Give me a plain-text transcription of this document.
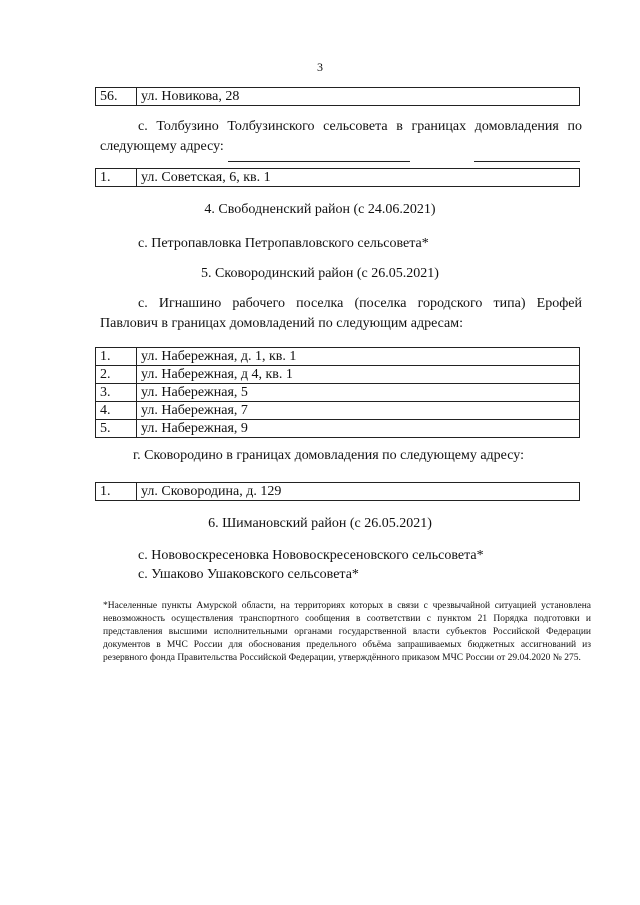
3
56.	ул. Новикова, 28
с. Толбузино Толбузинского сельсовета в границах домовладения по следующему адресу:
1.	ул. Советская, 6, кв. 1
4. Свободненский район (с 24.06.2021)
с. Петропавловка Петропавловского сельсовета*
5. Сковородинский район (с 26.05.2021)
с. Игнашино рабочего поселка (поселка городского типа) Ерофей Павлович в границах домовладений по следующим адресам:
1.	ул. Набережная, д. 1, кв. 1
2.	ул. Набережная, д 4, кв. 1
3.	ул. Набережная, 5
4.	ул. Набережная, 7
5.	ул. Набережная, 9
г. Сковородино в границах домовладения по следующему адресу:
1.	ул. Сковородина, д. 129
6. Шимановский район (с 26.05.2021)
с. Нововоскресеновка Нововоскресеновского сельсовета*
с. Ушаково Ушаковского сельсовета*
*Населенные пункты Амурской области, на территориях которых в связи с чрезвычайной ситуацией установлена невозможность осуществления транспортного сообщения в соответствии с пунктом 21 Порядка подготовки и представления высшими исполнительными органами государственной власти субъектов Российской Федерации документов в МЧС России для обоснования предельного объёма запрашиваемых бюджетных ассигнований из резервного фонда Правительства Российской Федерации, утверждённого приказом МЧС России от 29.04.2020 № 275.
